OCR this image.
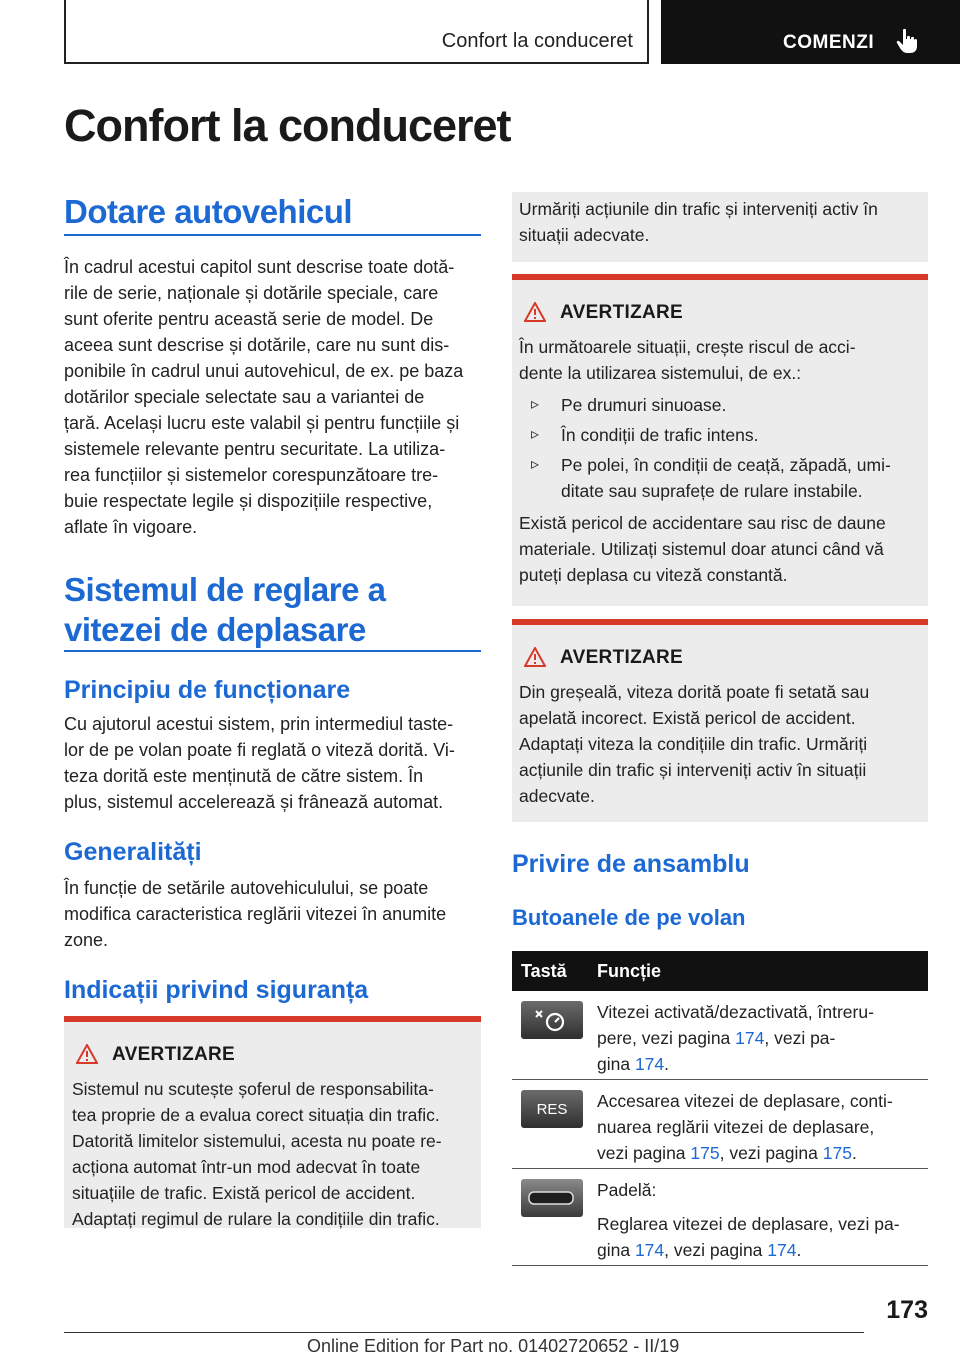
Confort la conduceret	COMENZI
Confort la conduceret
Dotare autovehicul

În cadrul acestui capitol sunt descrise toate dotă‐

rile de serie, naționale și dotările speciale, care

sunt oferite pentru această serie de model. De

aceea sunt descrise și dotările, care nu sunt dis‐

ponibile în cadrul unui autovehicul, de ex. pe baza

dotărilor speciale selectate sau a variantei de

țară. Același lucru este valabil și pentru funcțiile și

sistemele relevante pentru securitate. La utiliza‐

rea funcțiilor și sistemelor corespunzătoare tre‐

buie respectate legile și dispozițiile respective,

aflate în vigoare.

Sistemul de reglare a
vitezei de deplasare
Principiu de funcționare

Cu ajutorul acestui sistem, prin intermediul taste‐

lor de pe volan poate fi reglată o viteză dorită. Vi‐

teza dorită este menținută de către sistem. În

plus, sistemul accelerează și frânează automat.

Generalități

În funcție de setările autovehiculului, se poate

modifica caracteristica reglării vitezei în anumite

zone.

Indicații privind siguranța
AVERTIZARE

Sistemul nu scutește șoferul de responsabilita‐

tea proprie de a evalua corect situația din trafic.

Datorită limitelor sistemului, acesta nu poate re‐

acționa automat într-un mod adecvat în toate

situațiile de trafic. Există pericol de accident.

Adaptați regimul de rulare la condițiile din trafic.

Urmăriți acțiunile din trafic și interveniți activ în

situații adecvate.

AVERTIZARE

În următoarele situații, crește riscul de acci‐

dente la utilizarea sistemului, de ex.:

▹ Pe drumuri sinuoase.
▹ În condiții de trafic intens.
▹ Pe polei, în condiții de ceață, zăpadă, umi‐
ditate sau suprafețe de rulare instabile.

Există pericol de accidentare sau risc de daune

materiale. Utilizați sistemul doar atunci când vă

puteți deplasa cu viteză constantă.

AVERTIZARE

Din greșeală, viteza dorită poate fi setată sau

apelată incorect. Există pericol de accident.

Adaptați viteza la condițiile din trafic. Urmăriți

acțiunile din trafic și interveniți activ în situații

adecvate.

Privire de ansamblu
Butoanele de pe volan
Tastă Funcție

Vitezei activată/dezactivată, întreru‐

pere, vezi pagina 174, vezi pa‐

gina 174.

RES	Accesarea vitezei de deplasare, conti‐

nuarea reglării vitezei de deplasare,

vezi pagina 175, vezi pagina 175.

Padelă:

Reglarea vitezei de deplasare, vezi pa‐

gina 174, vezi pagina 174.

173
Online Edition for Part no. 01402720652 - II/19
